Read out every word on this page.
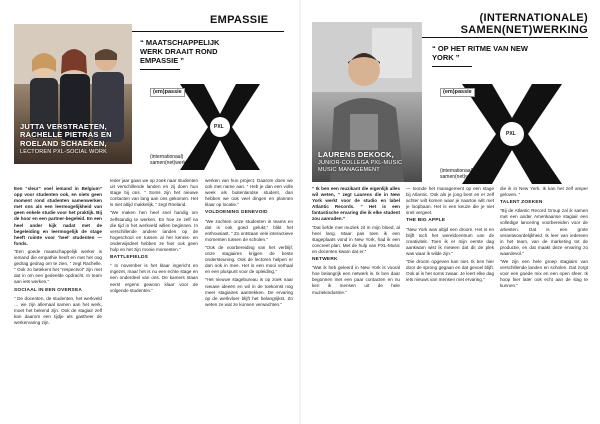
EMPASSIE
JUTTA VERSTRAETEN, RACHELLE PIETRAS EN ROELAND SCHAEKEN,
LECTOREN PXL-SOCIAL WORK
“ MAATSCHAPPELIJK WERK DRAAIT ROND EMPASSIE ”
(em)passie
PXL
(internationaal)
samen(net)werking

Een “sleur” voel iemand in Belgium” opp voor studenten ook, en niets geen moment rond studenten samenwerken met ons als een leermogelijkheid van geen enkele studie voor het praktijk. Bij de hoor en een partner-begeleid. En een heel ander kijk nadat met de begeleiding en leermogelijk de stage heeft ruimte voor ‘heel’ studenten — fonds.

“Een goede maatschappelijk werker is iemand die empathie heeft en met het oog gedrag gedrag om te zien, “ zegt Rachelle. “ Ook zo betekent het “respectvol” zijn met dat in om een gedeelde opdracht. In team aan iets werken.”

SOCIAAL IN EEN OVERSEA

“ De docenten, de studenten, het werkveld … we zijn allemaal samen aan het werk, moet het bekend zijn. Ook de stagiair zelf kan daarom een tijdje als gastheer de werkervaring zijn.

Ieder jaar gaan we op zoek naar studenten uit verschillende landen en zij doen hun stage bij ons. “ Soms zijn het nieuwe contacten van lang aan ons gekomen. Het is niet altijd makkelijk, “ zegt Roeland.

“We maken hen heel snel handig om zelfstandig te werken. En hoe ze zelf na die tijd in het werkveld willen beginnen. In verschillende andere landen op de hogeschool en tussen al het kennis- en onderwijsdeel hebben ze hier ook geen hulp en het zijn mooie momenten.”

BATTLEFIELDS

“ In november is het klaar ingericht en ingezet, maar het is nu een echte stage en een onderdeel van ons. De kamers staan eerst ergens gewoon klaar voor de volgende studenten.”

werken van hun project. Daarom doen we ook met name aan. “ Heb je dan een volle week als buitenlandse student, dan hebben we ook veel dingen en plannen klaar op locatie.”

VOLDOENING GENEVOID

“We zochten onze studenten in teams en dat is ook goed gelukt,” blikt het enthousiast. “ Zo ontstaan vele interactieve momenten tussen de scholen.”

“Ook de voorbereiding van het verblijf, onze stagiaires krijgen de beste ondersteuning. Ook de lectoren helpen er dan ook in mee. Het is een mooi verhaal en een pluspunt voor de opleiding.”

“Het nieuwe stagebureau is op zoek naar nieuwe ideeën en wil in de toekomst nog meer stagiaires aantrekken. De ervaring op de werkvloer blijft het belangrijkst. Zo weten ze wat ze kunnen verwachten.”

(INTERNATIONALE) SAMEN(NET)WERKING
LAURENS DEKOCK,
JUNIOR-COLLEGA PXL-MUSIC MUSIC MANAGEMENT
“ OP HET RITME VAN NEW YORK ”
(em)passie
PXL
(internationaal)
samen(net)werking

“ Ik ben een muzikant die eigenlijk alles wil weten, “ zegt Laurens die in New York werkt voor de studio en label Atlantic Records. “ Het is een fantastische ervaring die ik elke student zou aanraden.”

“Dat liefde met muziek zit in mijn bloed, al heel lang. Maar pas toen ik een stageplaats vond in New York, had ik een concreet plan. Met de hulp van PXL-Music en docenten kwam dat er.”

NETWERK

“Wat ik heb geleerd in New York is vooral hoe belangrijk een netwerk is. Ik ben daar begonnen met een paar contacten en nu ken ik mensen uit de hele muziekindustrie.”

— toonde het management op een stage bij Atlantic. Ook als je jong bent en er zelf achter wilt komen waar je naartoe wilt met je loopbaan. Het is een keuze die je niet snel vergeet.

THE BIG APPLE

“New York was altijd een droom. Het is en blijft toch het wereldcentrum van de creativiteit. Toen ik er mijn eerste dag aankwam wist ik meteen dat dit de plek was waar ik wilde zijn.”

“Die droom opgeven kan niet. Ik ben hier door de sprong gegaan en dat gevoel blijft. Ook al is het soms zwaar. Je leert elke dag iets nieuws van mensen met ervaring.”

die ik in New York. Ik kan het zelf amper geloven. ”

TALENT ZOEKEN

“Bij de Atlantic Record Group zal ik samen met een ander Amerikaanse stagiair een volledige lancering voorbereiden voor de artiesten. Dat is een grote verantwoordelijkheid. Ik leer van iedereen in het team, van de marketing tot de productie, en dat maakt deze ervaring zo waardevol.”

“We zijn een hele groep stagiairs van verschillende landen en scholen. Dat zorgt voor een goede mix en een open sfeer. Ik hoop hier later ook echt aan de slag te kunnen.”
